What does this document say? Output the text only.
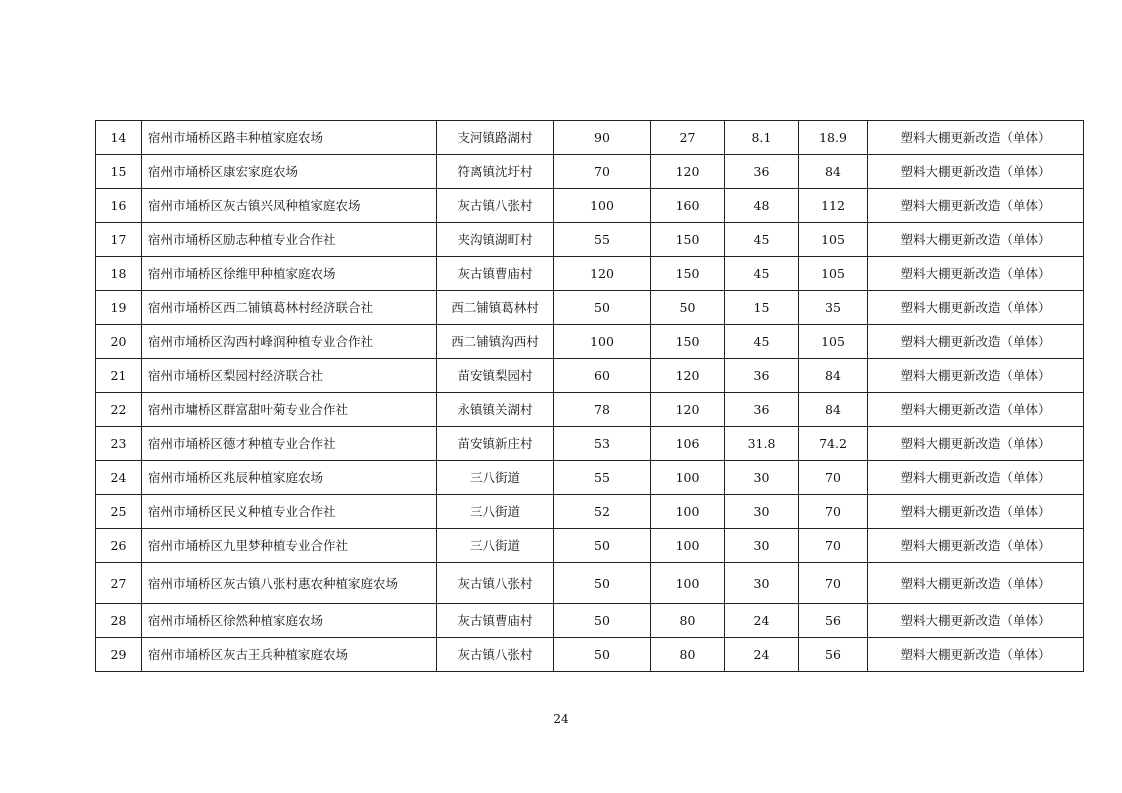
14	宿州市埇桥区路丰种植家庭农场	支河镇路湖村	90	27	8.1	18.9	塑料大棚更新改造（单体）
15	宿州市埇桥区康宏家庭农场	符离镇沈圩村	70	120	36	84	塑料大棚更新改造（单体）
16	宿州市埇桥区灰古镇兴凤种植家庭农场	灰古镇八张村	100	160	48	112	塑料大棚更新改造（单体）
17	宿州市埇桥区励志种植专业合作社	夹沟镇湖町村	55	150	45	105	塑料大棚更新改造（单体）
18	宿州市埇桥区徐维甲种植家庭农场	灰古镇曹庙村	120	150	45	105	塑料大棚更新改造（单体）
19	宿州市埇桥区西二铺镇葛林村经济联合社	西二铺镇葛林村	50	50	15	35	塑料大棚更新改造（单体）
20	宿州市埇桥区沟西村峰润种植专业合作社	西二铺镇沟西村	100	150	45	105	塑料大棚更新改造（单体）
21	宿州市埇桥区梨园村经济联合社	苗安镇梨园村	60	120	36	84	塑料大棚更新改造（单体）
22	宿州市墉桥区群富甜叶菊专业合作社	永镇镇关湖村	78	120	36	84	塑料大棚更新改造（单体）
23	宿州市埇桥区德才种植专业合作社	苗安镇新庄村	53	106	31.8	74.2	塑料大棚更新改造（单体）
24	宿州市埇桥区兆辰种植家庭农场	三八街道	55	100	30	70	塑料大棚更新改造（单体）
25	宿州市埇桥区民义种植专业合作社	三八街道	52	100	30	70	塑料大棚更新改造（单体）
26	宿州市埇桥区九里梦种植专业合作社	三八街道	50	100	30	70	塑料大棚更新改造（单体）
27	宿州市埇桥区灰古镇八张村惠农种植家庭农场	灰古镇八张村	50	100	30	70	塑料大棚更新改造（单体）
28	宿州市埇桥区徐然种植家庭农场	灰古镇曹庙村	50	80	24	56	塑料大棚更新改造（单体）
29	宿州市埇桥区灰古王兵种植家庭农场	灰古镇八张村	50	80	24	56	塑料大棚更新改造（单体）
24
